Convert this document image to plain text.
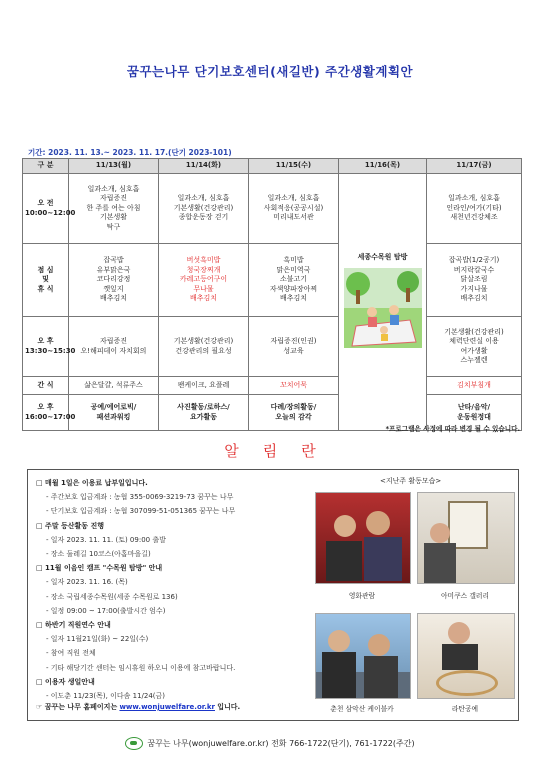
꿈꾸는나무 단기보호센터(새길반) 주간생활계획안
기간: 2023. 11. 13.~ 2023. 11. 17.(단기 2023-101)
구 분	11/13(월)	11/14(화)	11/15(수)	11/16(목)	11/17(금)
오 전
10:00~12:00	일과소개, 심호흡
자립증진
한 주를 여는 아침
기본생활
탁구	일과소개, 심호흡
기본생활(건강관리)
종합운동장 걷기	일과소개, 심호흡
사회적응(공공시설)
미리내도서관	세종수목원 탐방	일과소개, 심호흡
인라인/여가(기타)
새천년건강체조
점 심
및
휴 식	잡곡밥
유부맑은국
코다리강정
깻잎지
배추김치	버섯흑미밥
청국장찌개
카레고등어구이
무나물
배추김치	흑미밥
맑은미역국
소불고기
자색양파장아찌
배추김치		잡곡밥(1/2공기)
버지락칼국수
닭살조림
가지나물
배추김치
오 후
13:30~15:30	자립증진
오!해피데이 자치회의	기본생활(건강관리)
건강관리의 필요성	자립증진(인권)
성교육		기본생활(건강관리)
체력단련실 이용
여가생활
스누젤렌
간 식	삶은달걀, 석류주스	팬케이크, 요플레	꼬치어묵		김치부침개
오 후
16:00~17:00	공예/에어로빅/
패션과워킹	사진활동/로하스/
요가활동	다례/장의활동/
오늘의 감각		난타/음악/
운동원정대
*프로그램은 사정에 따라 변경 될 수 있습니다.
알림란
□ 매월 1일은 이용료 납부일입니다.
- 주간보호 입금계좌 : 농협 355-0069-3219-73 꿈꾸는 나무
- 단기보호 입금계좌 : 농협 307099-51-051365 꿈꾸는 나무
□ 주말 등산활동 진행
- 일자 2023. 11. 11. (토) 09:00 출발
- 장소 둘레길 10코스(아홉마을길)
□ 11월 이음인 캠프 "수목원 탐방" 안내
- 일자 2023. 11. 16. (목)
- 장소 국립세종수목원(세종 수목원로 136)
- 일정 09:00 ~ 17:00(출발시간 엄수)
□ 하반기 직원연수 안내
- 일자 11월21일(화) ~ 22일(수)
- 참여 직원 전체
- 기타 해당기간 센터는 임시휴원 하오니 이용에 참고바랍니다.
□ 이용자 생일안내
- 이도춘 11/23(목), 이다솜 11/24(금)
☞ 꿈꾸는 나무 홈페이지는 www.wonjuwelfare.or.kr 입니다.
<지난주 활동모습>
영화관람	아미쿠스 갤러리
춘천 삼악산 케이블카	라탄공예
꿈꾸는 나무(wonjuwelfare.or.kr) 전화 766-1722(단기), 761-1722(주간)
